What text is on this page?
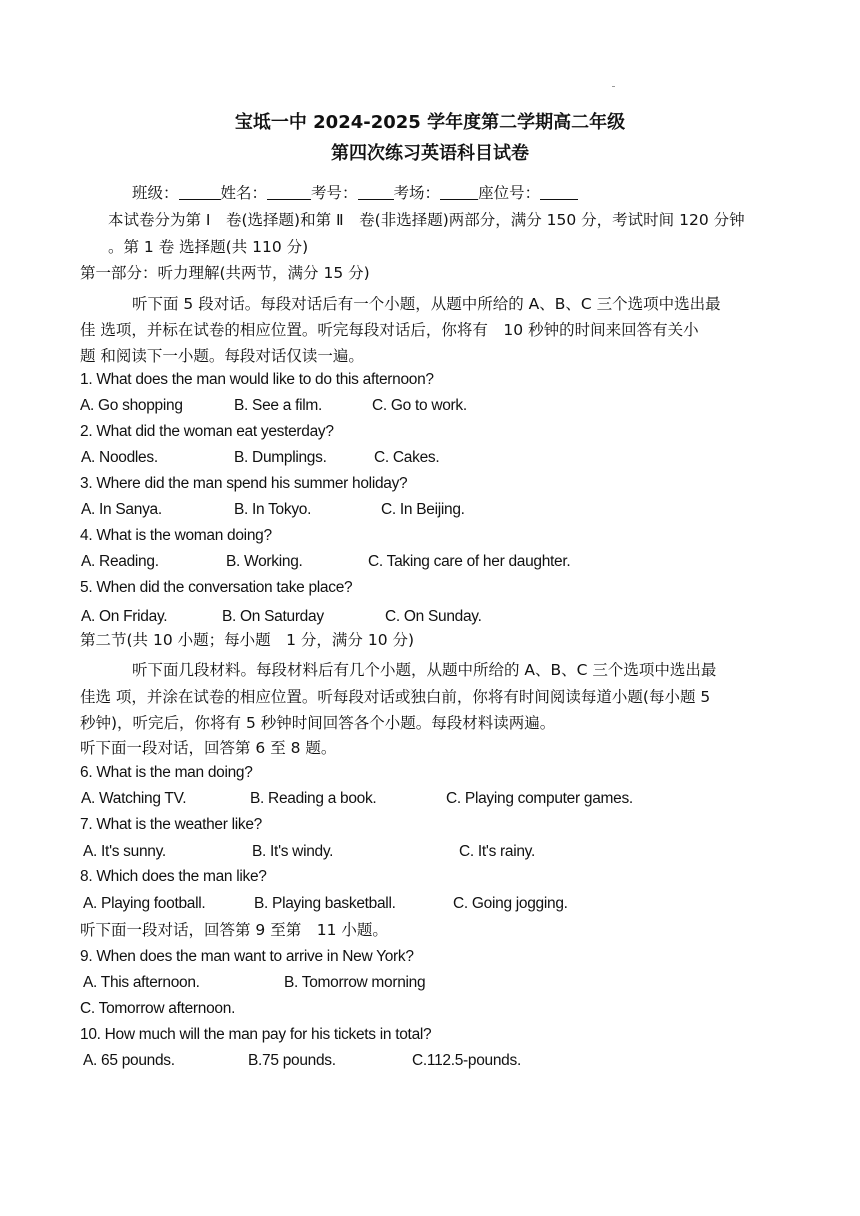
宝坻一中 2024-2025 学年度第二学期高二年级
第四次练习英语科目试卷
班级：	姓名：	考号： 考场： 座位号：
本试卷分为第 Ⅰ　卷(选择题)和第 Ⅱ　卷(非选择题)两部分，满分 150 分，考试时间 120 分钟
。第 1 卷 选择题(共 110 分)
第一部分：听力理解(共两节，满分 15 分)
听下面 5 段对话。每段对话后有一个小题，从题中所给的 A、B、C 三个选项中选出最
佳 选项，并标在试卷的相应位置。听完每段对话后，你将有　10 秒钟的时间来回答有关小
题 和阅读下一小题。每段对话仅读一遍。
1. What does the man would like to do this afternoon?
A. Go shopping	B. See a film.	C. Go to work.
2. What did the woman eat yesterday?
A. Noodles.	B. Dumplings.	C. Cakes.
3. Where did the man spend his summer holiday?
A. In Sanya.	B. In Tokyo.	C. In Beijing.
4. What is the woman doing?
A. Reading.	B. Working.	C. Taking care of her daughter.
5. When did the conversation take place?
A. On Friday.	B. On Saturday	C. On Sunday.
第二节(共 10 小题；每小题　1 分，满分 10 分)
听下面几段材料。每段材料后有几个小题，从题中所给的 A、B、C 三个选项中选出最
佳选 项，并涂在试卷的相应位置。听每段对话或独白前，你将有时间阅读每道小题(每小题 5
秒钟)，听完后，你将有 5 秒钟时间回答各个小题。每段材料读两遍。
听下面一段对话，回答第 6 至 8 题。
6. What is the man doing?
A. Watching TV.	B. Reading a book.	C. Playing computer games.
7. What is the weather like?
A. It's sunny.	B. It's windy.	C. It's rainy.
8. Which does the man like?
A. Playing football.	B. Playing basketball.	C. Going jogging.
听下面一段对话，回答第 9 至第　11 小题。
9. When does the man want to arrive in New York?
A. This afternoon.	B. Tomorrow morning
C. Tomorrow afternoon.
10. How much will the man pay for his tickets in total?
A. 65 pounds.	B.75 pounds.	C.112.5-pounds.
